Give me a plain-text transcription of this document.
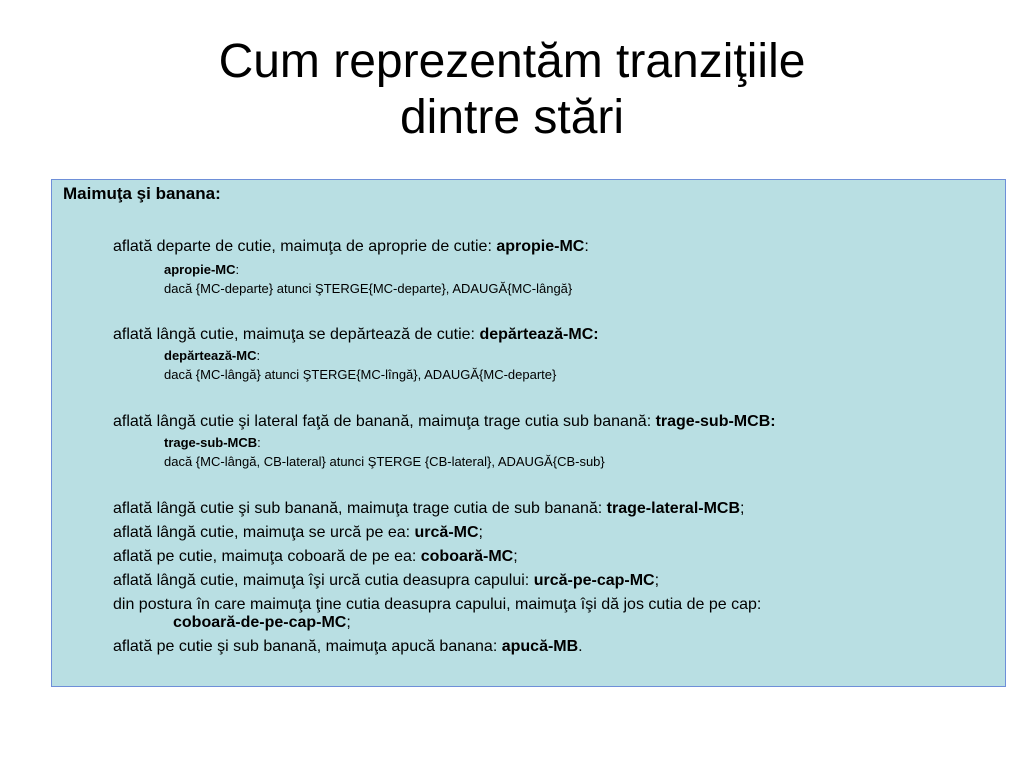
Cum reprezentăm tranziţiile
dintre stări
Maimuţa şi banana:
aflată departe de cutie, maimuţa de aproprie de cutie: apropie-MC:
apropie-MC:
dacă {MC-departe} atunci ŞTERGE{MC-departe}, ADAUGĂ{MC-lângă}
aflată lângă cutie, maimuţa se depărtează de cutie: depărtează-MC:
depărtează-MC:
dacă {MC-lângă} atunci ŞTERGE{MC-lîngă}, ADAUGĂ{MC-departe}
aflată lângă cutie şi lateral faţă de banană, maimuţa trage cutia sub banană: trage-sub-MCB:
trage-sub-MCB:
dacă {MC-lângă, CB-lateral} atunci ŞTERGE {CB-lateral}, ADAUGĂ{CB-sub}
aflată lângă cutie şi sub banană, maimuţa trage cutia de sub banană: trage-lateral-MCB;
aflată lângă cutie, maimuţa se urcă pe ea: urcă-MC;
aflată pe cutie, maimuţa coboară de pe ea: coboară-MC;
aflată lângă cutie, maimuţa îşi urcă cutia deasupra capului: urcă-pe-cap-MC;
din postura în care maimuţa ţine cutia deasupra capului, maimuţa îşi dă jos cutia de pe cap:
coboară-de-pe-cap-MC;
aflată pe cutie şi sub banană, maimuţa apucă banana: apucă-MB.
